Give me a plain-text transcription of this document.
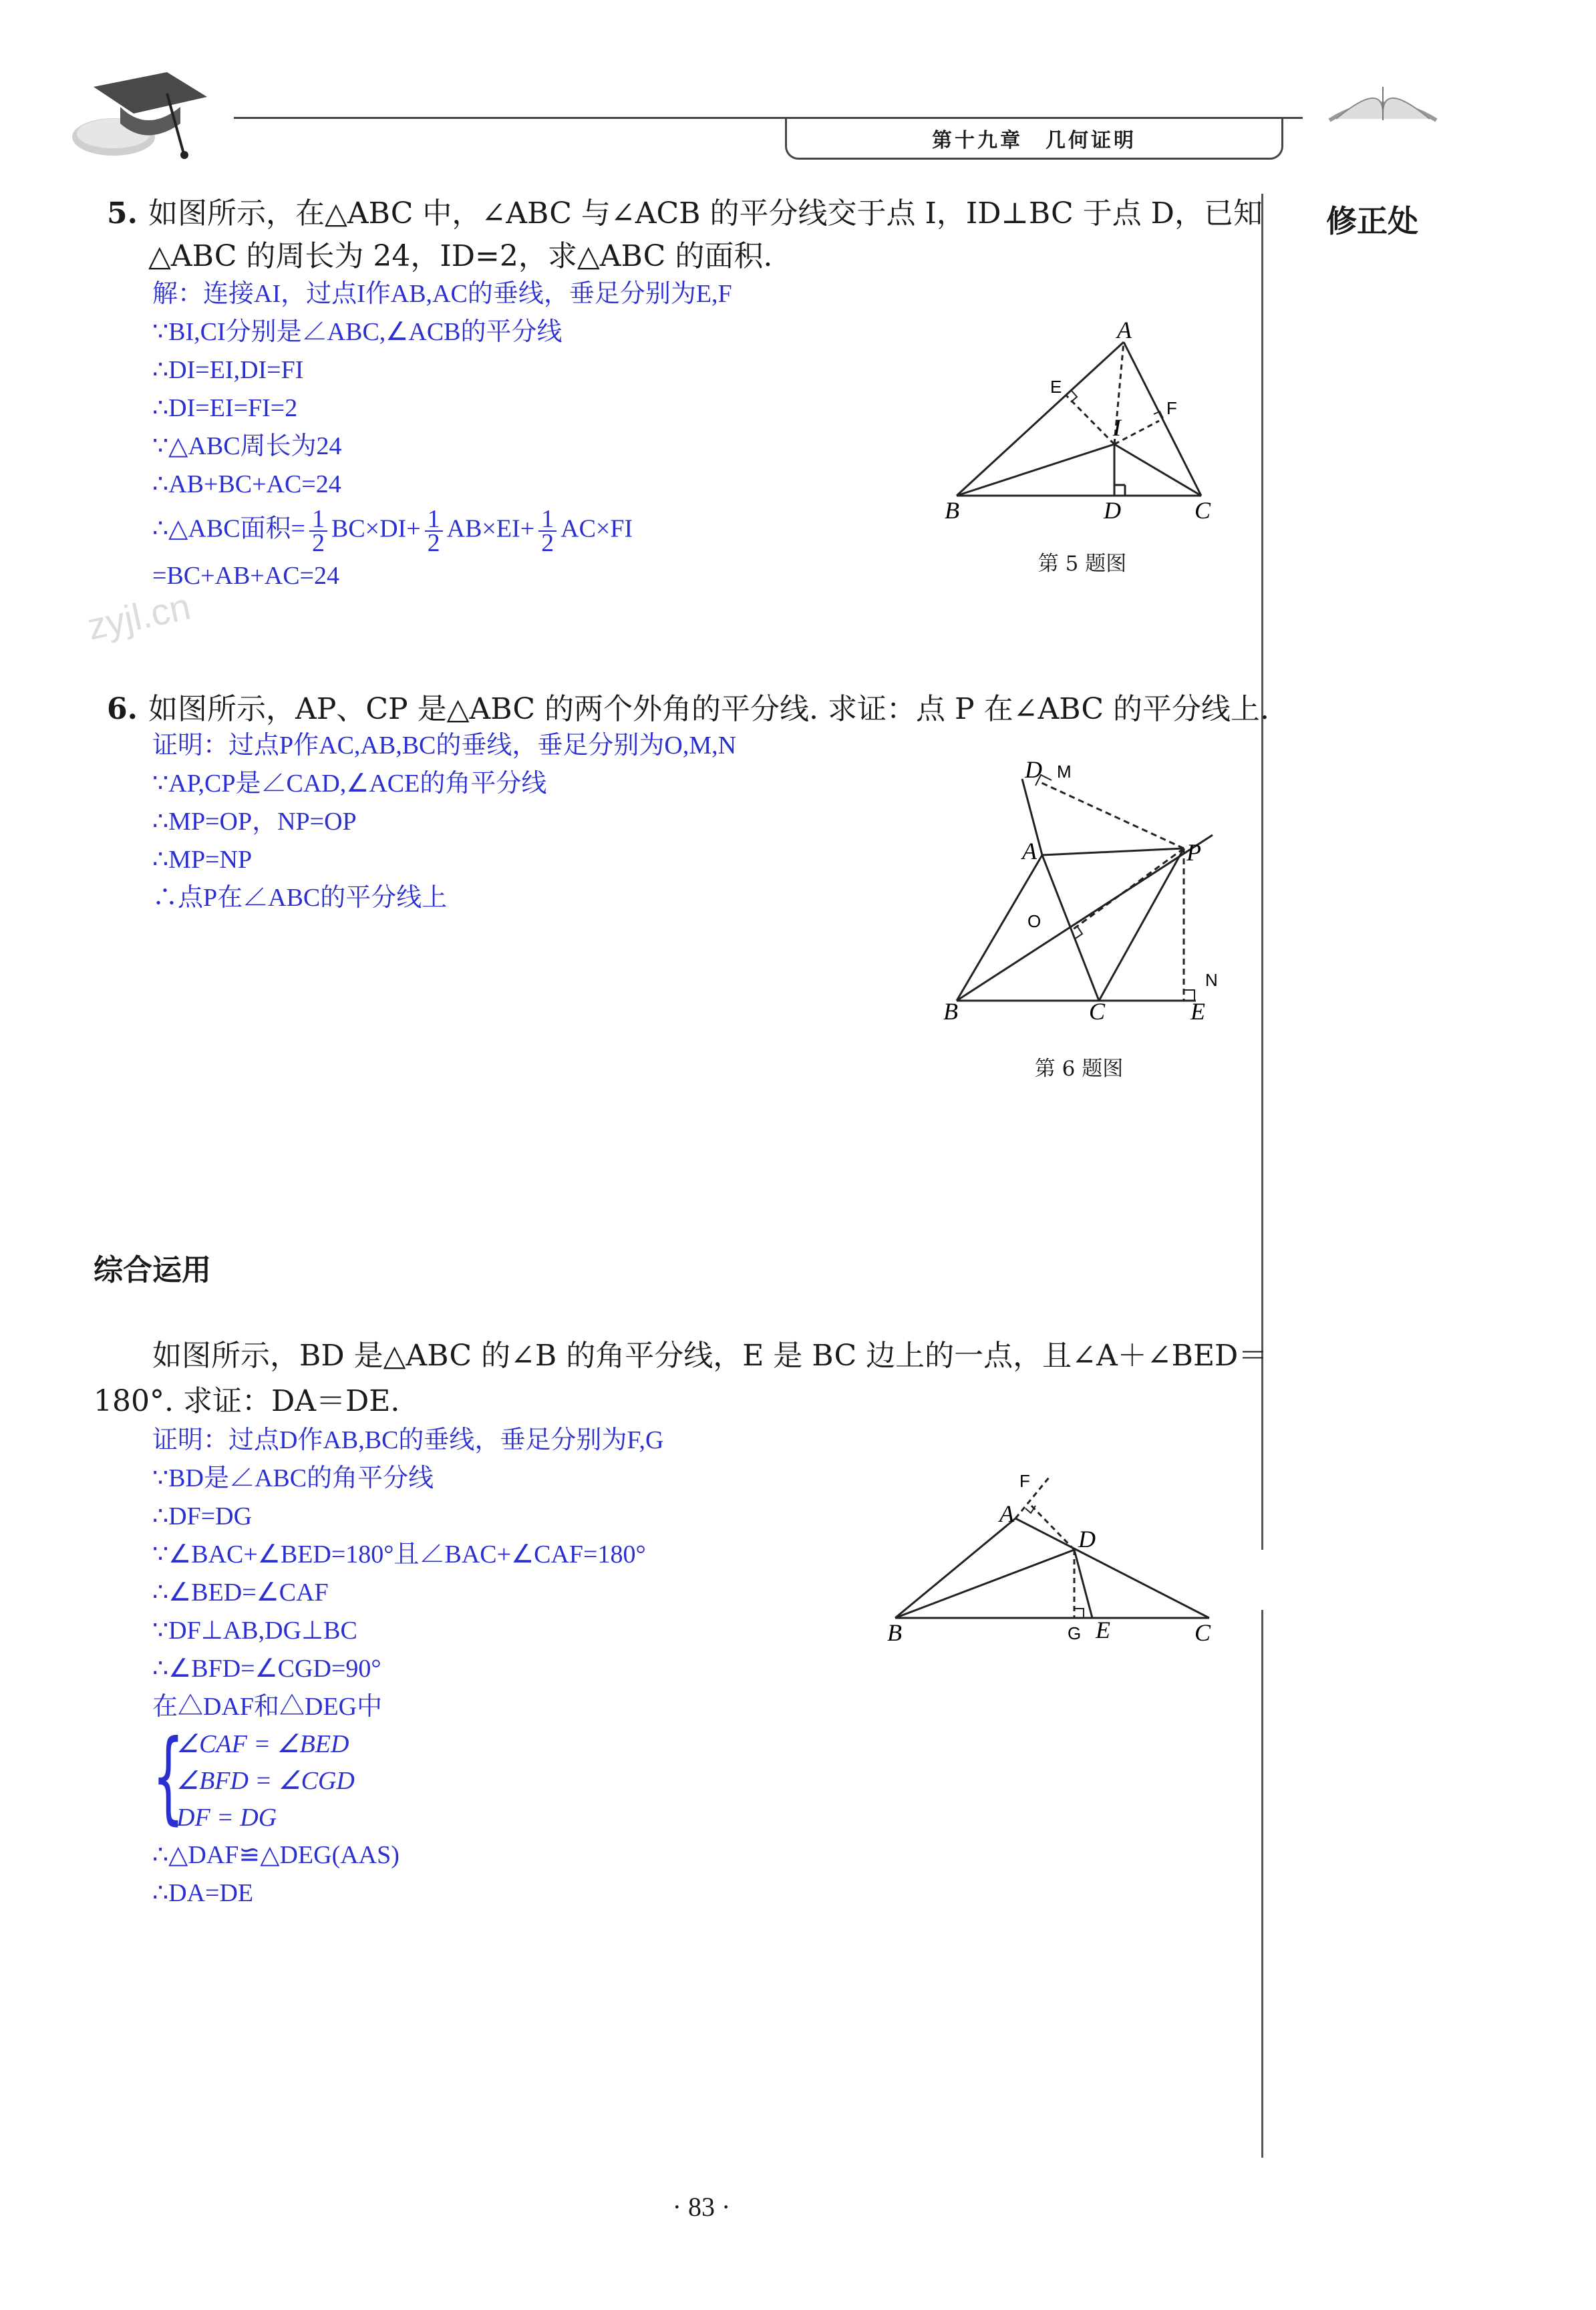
第十九章　几何证明
修正处
5. 如图所示，在△ABC 中，∠ABC 与∠ACB 的平分线交于点 I，ID⊥BC 于点 D，已知
△ABC 的周长为 24，ID=2，求△ABC 的面积.
解：连接AI，过点I作AB,AC的垂线，垂足分别为E,F
∵BI,CI分别是∠ABC,∠ACB的平分线
∴DI=EI,DI=FI
∴DI=EI=FI=2
∵△ABC周长为24
∴AB+BC+AC=24
∴△ABC面积= $\frac{1}{2} BC\times DI+ \frac{1}{2} AB\times EI+ \frac{1}{2} AC\times FI$
=BC+AB+AC=24
zyjl.cn
A
B	C
D
E
F
I
第 5 题图
6. 如图所示，AP、CP 是△ABC 的两个外角的平分线. 求证：点 P 在∠ABC 的平分线上.
证明：过点P作AC,AB,BC的垂线，垂足分别为O,M,N
∵AP,CP是∠CAD,∠ACE的角平分线
∴MP=OP，NP=OP
∴MP=NP
∴点P在∠ABC的平分线上
D M
A	P
O
N
B	C	E
第 6 题图
综合运用
如图所示，BD 是△ABC 的∠B 的角平分线，E 是 BC 边上的一点，且∠A＋∠BED＝
180°. 求证：DA＝DE.
证明：过点D作AB,BC的垂线，垂足分别为F,G
∵BD是∠ABC的角平分线
∴DF=DG
∵∠BAC+∠BED=180°且∠BAC+∠CAF=180°
∴∠BED=∠CAF
∵DF⊥AB,DG⊥BC
∴∠BFD=∠CGD=90°
在△DAF和△DEG中
{
∠CAF = ∠BED
∠BFD = ∠CGD
DF = DG
∴△DAF≌△DEG(AAS)
∴DA=DE
F
A
D
B	G E	C
· 83 ·
